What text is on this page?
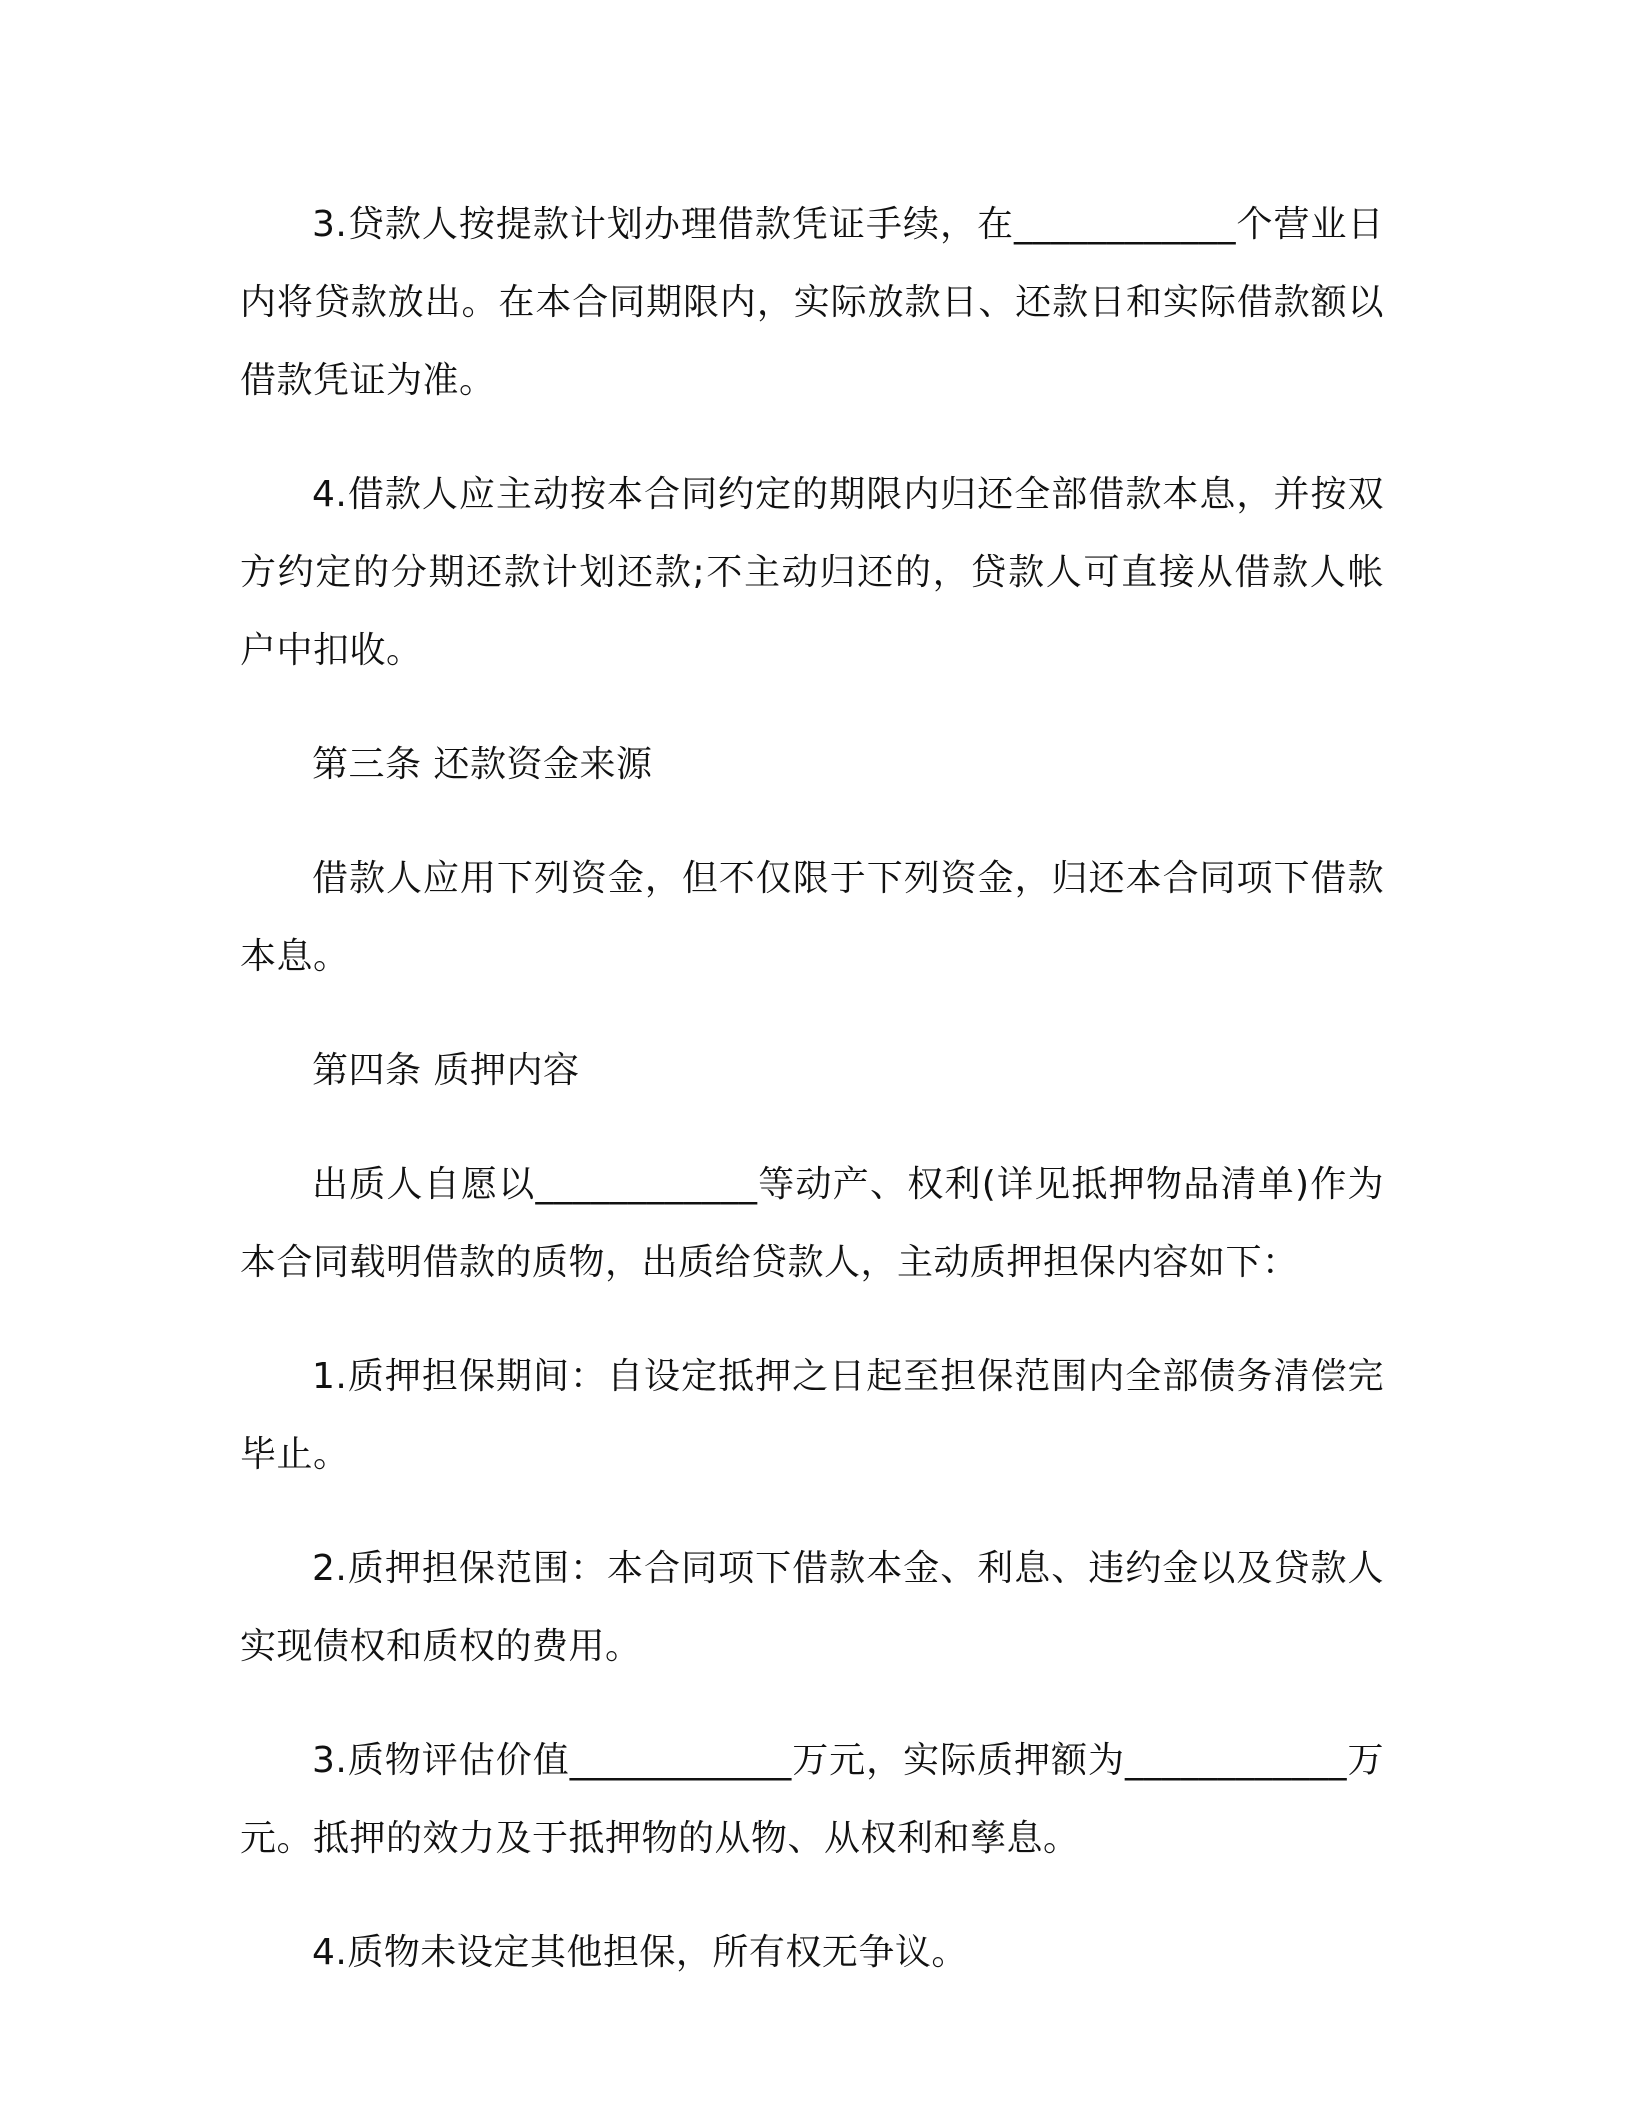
3.贷款人按提款计划办理借款凭证手续，在____________个营业日内将贷款放出。在本合同期限内，实际放款日、还款日和实际借款额以借款凭证为准。

4.借款人应主动按本合同约定的期限内归还全部借款本息，并按双方约定的分期还款计划还款;不主动归还的，贷款人可直接从借款人帐户中扣收。

第三条 还款资金来源

借款人应用下列资金，但不仅限于下列资金，归还本合同项下借款本息。

第四条 质押内容

出质人自愿以____________等动产、权利(详见抵押物品清单)作为本合同载明借款的质物，出质给贷款人，主动质押担保内容如下：

1.质押担保期间：自设定抵押之日起至担保范围内全部债务清偿完毕止。

2.质押担保范围：本合同项下借款本金、利息、违约金以及贷款人实现债权和质权的费用。

3.质物评估价值____________万元，实际质押额为____________万元。抵押的效力及于抵押物的从物、从权利和孳息。

4.质物未设定其他担保，所有权无争议。
